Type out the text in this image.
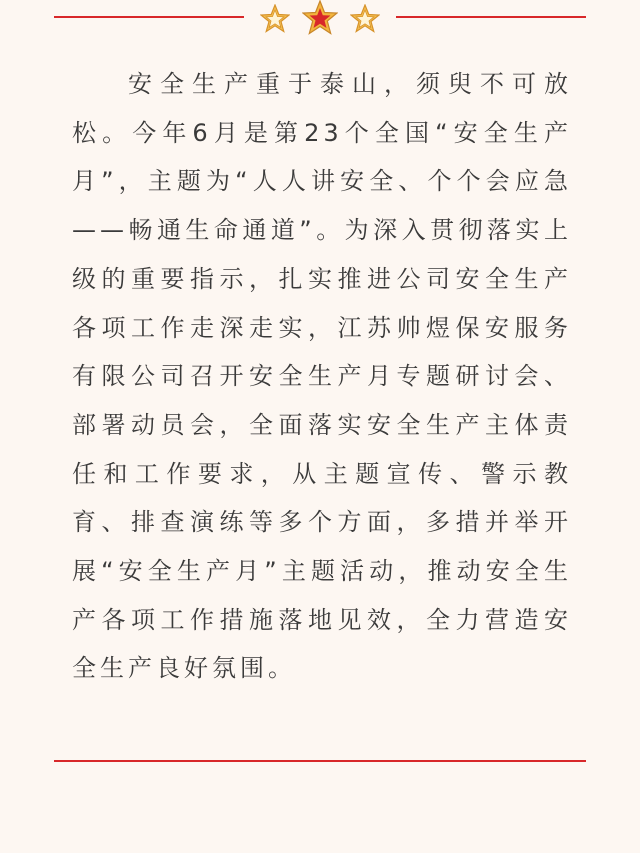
安全生产重于泰山，须臾不可放松。今年6月是第23个全国“安全生产月”，主题为“人人讲安全、个个会应急——畅通生命通道”。为深入贯彻落实上级的重要指示，扎实推进公司安全生产各项工作走深走实，江苏帅煜保安服务有限公司召开安全生产月专题研讨会、部署动员会，全面落实安全生产主体责任和工作要求，从主题宣传、警示教育、排查演练等多个方面，多措并举开展“安全生产月”主题活动，推动安全生产各项工作措施落地见效，全力营造安全生产良好氛围。
